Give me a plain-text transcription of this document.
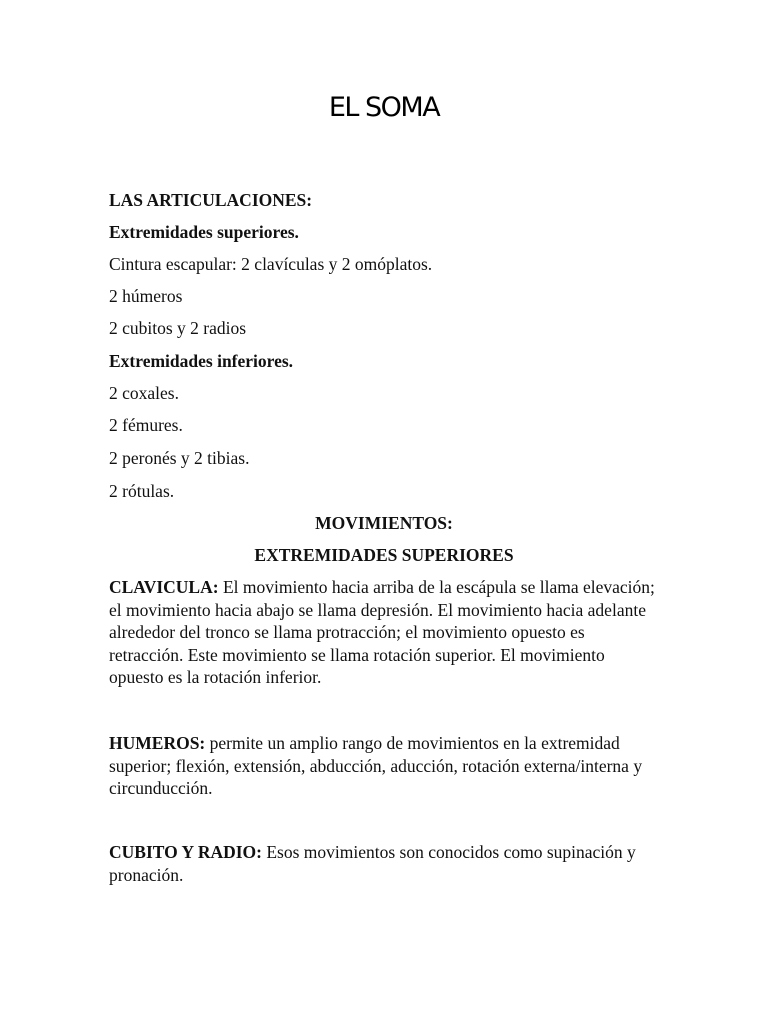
EL SOMA
LAS ARTICULACIONES:
Extremidades superiores.
Cintura escapular: 2 clavículas y 2 omóplatos.
2 húmeros
2 cubitos y 2 radios
Extremidades inferiores.
2 coxales.
2 fémures.
2 peronés y 2 tibias.
2 rótulas.
MOVIMIENTOS:
EXTREMIDADES SUPERIORES
CLAVICULA: El movimiento hacia arriba de la escápula se llama elevación; el movimiento hacia abajo se llama depresión. El movimiento hacia adelante alrededor del tronco se llama protracción; el movimiento opuesto es retracción. Este movimiento se llama rotación superior. El movimiento opuesto es la rotación inferior.
HUMEROS: permite un amplio rango de movimientos en la extremidad superior; flexión, extensión, abducción, aducción, rotación externa/interna y circunducción.
CUBITO Y RADIO: Esos movimientos son conocidos como supinación y pronación.
